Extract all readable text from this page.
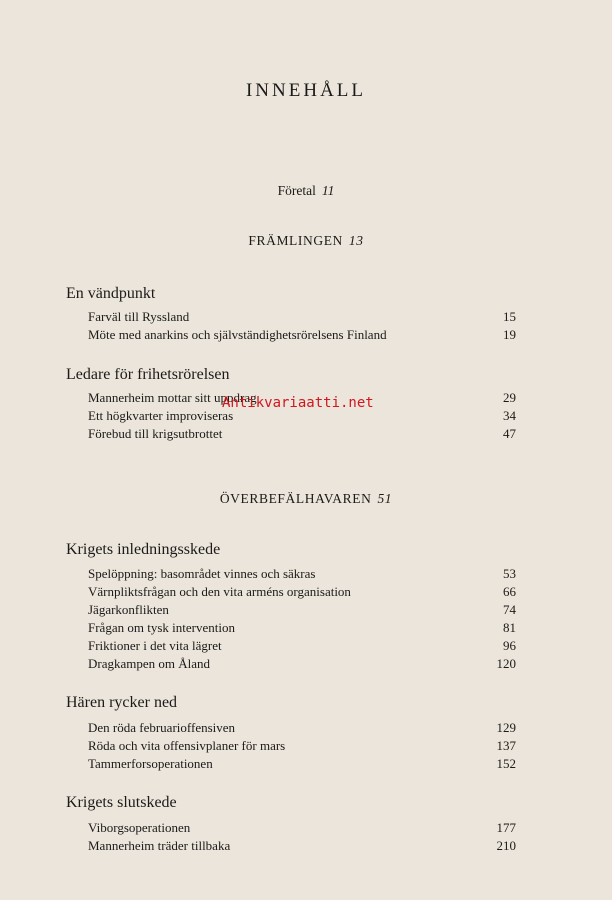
INNEHÅLL
Företal 11
FRÄMLINGEN 13
En vändpunkt
Farväl till Ryssland	15
Möte med anarkins och självständighetsrörelsens Finland	19
Ledare för frihetsrörelsen
Mannerheim mottar sitt uppdrag	29
Ett högkvarter improviseras	34
Förebud till krigsutbrottet	47
ÖVERBEFÄLHAVAREN 51
Krigets inledningsskede
Spelöppning: basområdet vinnes och säkras	53
Värnpliktsfrågan och den vita arméns organisation	66
Jägarkonflikten	74
Frågan om tysk intervention	81
Friktioner i det vita lägret	96
Dragkampen om Åland	120
Hären rycker ned
Den röda februarioffensiven	129
Röda och vita offensivplaner för mars	137
Tammerforsoperationen	152
Krigets slutskede
Viborgsoperationen	177
Mannerheim träder tillbaka	210
Antikvariaatti.net
